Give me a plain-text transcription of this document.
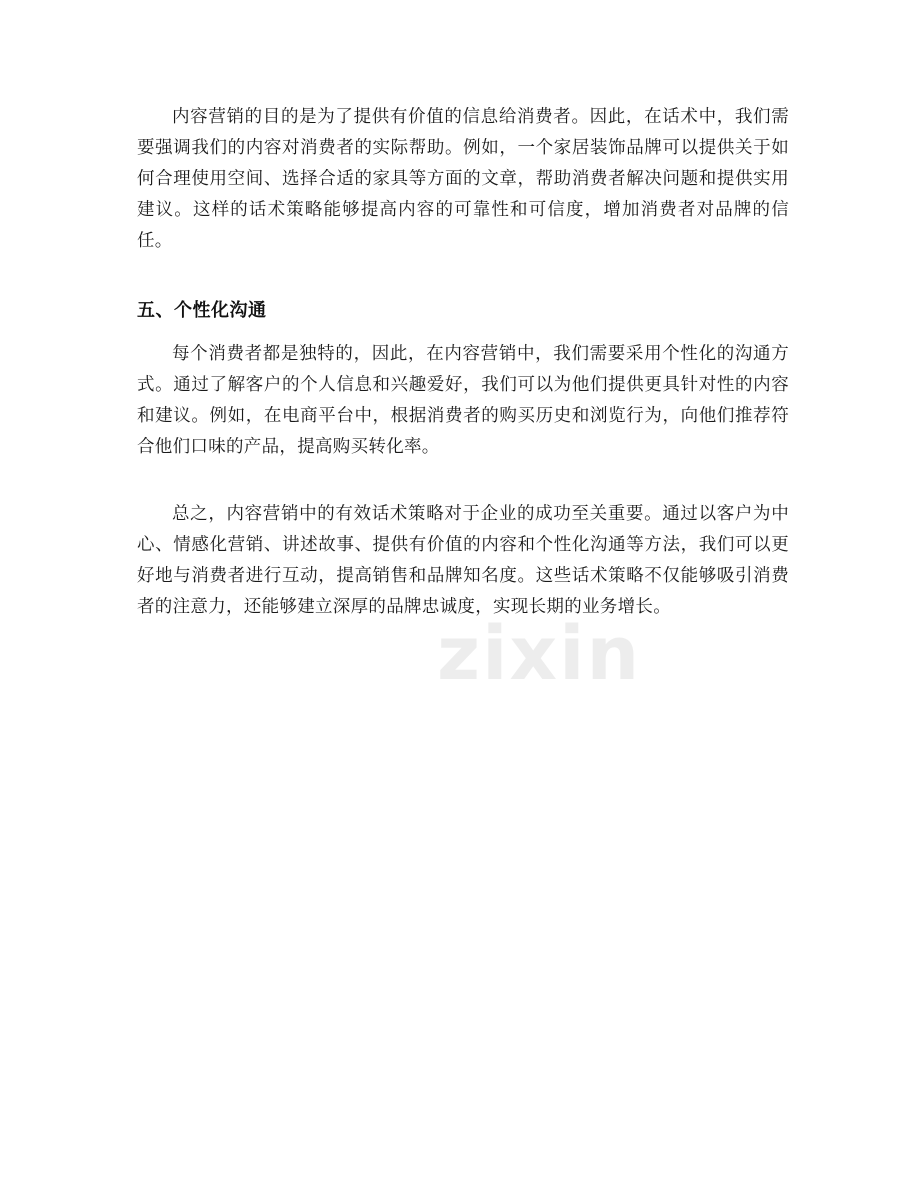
内容营销的目的是为了提供有价值的信息给消费者。因此，在话术中，我们需要强调我们的内容对消费者的实际帮助。例如，一个家居装饰品牌可以提供关于如何合理使用空间、选择合适的家具等方面的文章，帮助消费者解决问题和提供实用建议。这样的话术策略能够提高内容的可靠性和可信度，增加消费者对品牌的信任。

五、个性化沟通

每个消费者都是独特的，因此，在内容营销中，我们需要采用个性化的沟通方式。通过了解客户的个人信息和兴趣爱好，我们可以为他们提供更具针对性的内容和建议。例如，在电商平台中，根据消费者的购买历史和浏览行为，向他们推荐符合他们口味的产品，提高购买转化率。

总之，内容营销中的有效话术策略对于企业的成功至关重要。通过以客户为中心、情感化营销、讲述故事、提供有价值的内容和个性化沟通等方法，我们可以更好地与消费者进行互动，提高销售和品牌知名度。这些话术策略不仅能够吸引消费者的注意力，还能够建立深厚的品牌忠诚度，实现长期的业务增长。

zixin
